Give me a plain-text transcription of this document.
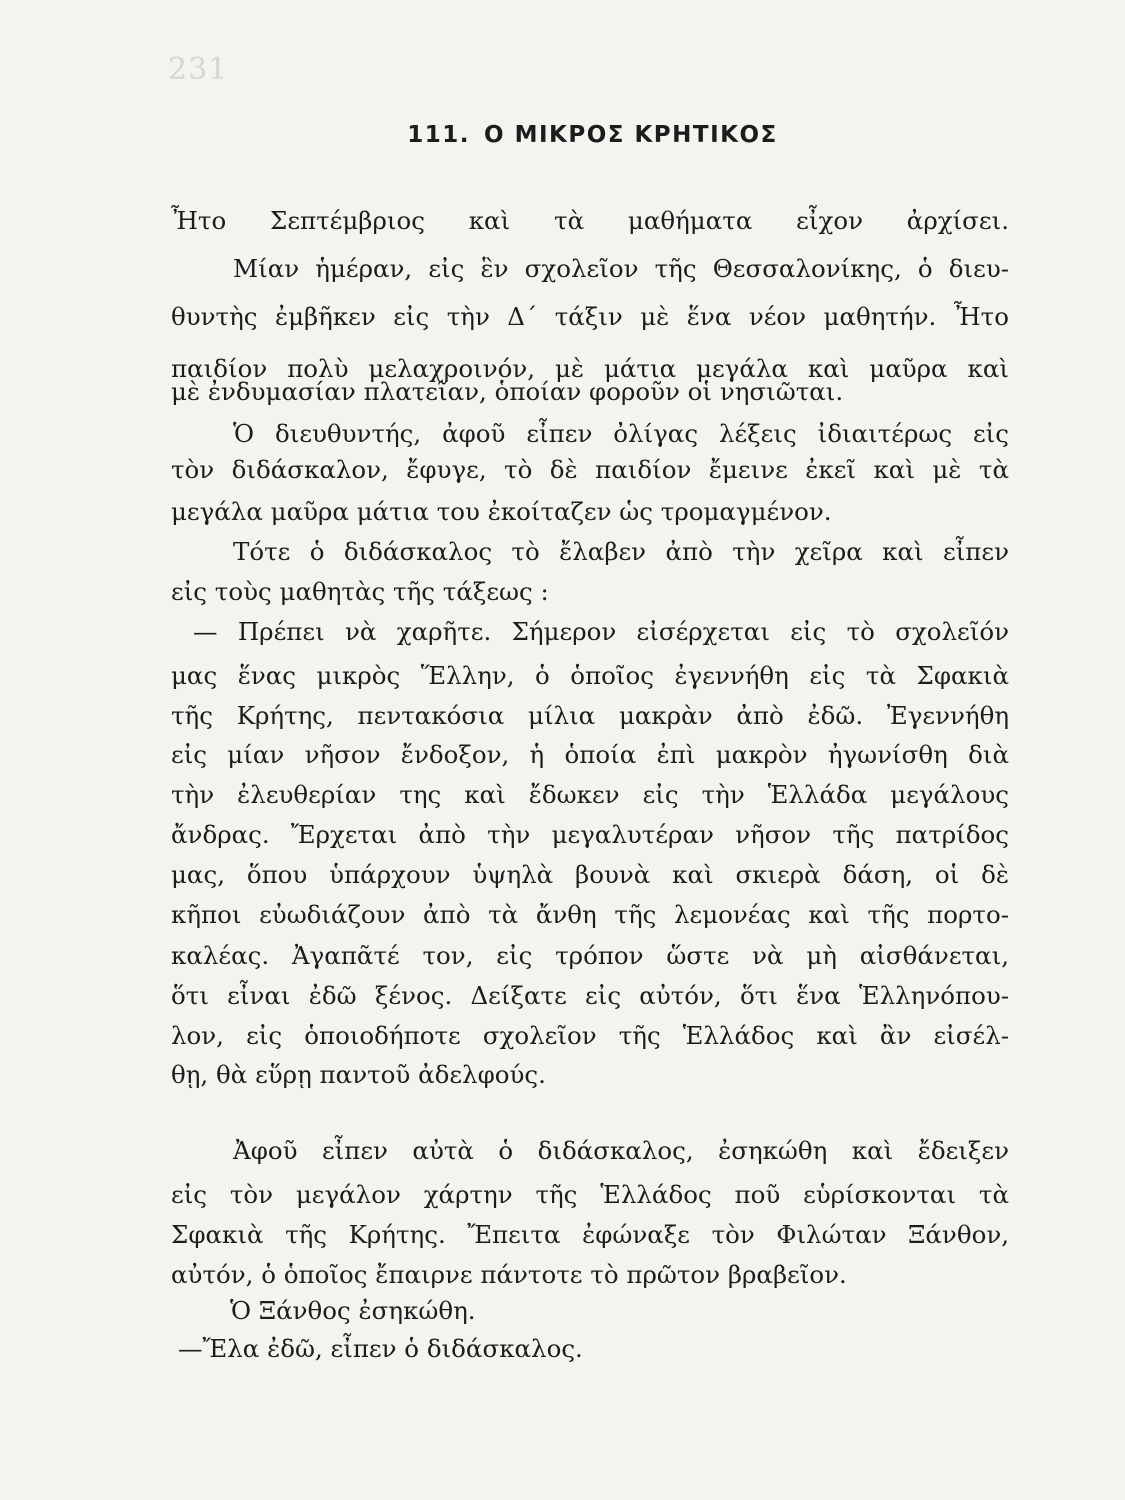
231
111. Ο ΜΙΚΡΟΣ ΚΡΗΤΙΚΟΣ
Ἦτο Σεπτέμβριος καὶ τὰ μαθήματα εἶχον ἀρχίσει.
Μίαν ἡμέραν, εἰς ἓν σχολεῖον τῆς Θεσσαλονίκης, ὁ διευ-
θυντὴς ἐμβῆκεν εἰς τὴν Δ΄ τάξιν μὲ ἕνα νέον μαθητήν. Ἦτο
παιδίον πολὺ μελαχροινόν, μὲ μάτια μεγάλα καὶ μαῦρα καὶ
μὲ ἐνδυμασίαν πλατεῖαν, ὁποίαν φοροῦν οἱ νησιῶται.
Ὁ διευθυντής, ἀφοῦ εἶπεν ὀλίγας λέξεις ἰδιαιτέρως εἰς
τὸν διδάσκαλον, ἔφυγε, τὸ δὲ παιδίον ἔμεινε ἐκεῖ καὶ μὲ τὰ
μεγάλα μαῦρα μάτια του ἐκοίταζεν ὡς τρομαγμένον.
Τότε ὁ διδάσκαλος τὸ ἔλαβεν ἀπὸ τὴν χεῖρα καὶ εἶπεν
εἰς τοὺς μαθητὰς τῆς τάξεως :
— Πρέπει νὰ χαρῆτε. Σήμερον εἰσέρχεται εἰς τὸ σχολεῖόν
μας ἕνας μικρὸς Ἕλλην, ὁ ὁποῖος ἐγεννήθη εἰς τὰ Σφακιὰ
τῆς Κρήτης, πεντακόσια μίλια μακρὰν ἀπὸ ἐδῶ. Ἐγεννήθη
εἰς μίαν νῆσον ἔνδοξον, ἡ ὁποία ἐπὶ μακρὸν ἠγωνίσθη διὰ
τὴν ἐλευθερίαν της καὶ ἔδωκεν εἰς τὴν Ἑλλάδα μεγάλους
ἄνδρας. Ἔρχεται ἀπὸ τὴν μεγαλυτέραν νῆσον τῆς πατρίδος
μας, ὅπου ὑπάρχουν ὑψηλὰ βουνὰ καὶ σκιερὰ δάση, οἱ δὲ
κῆποι εὐωδιάζουν ἀπὸ τὰ ἄνθη τῆς λεμονέας καὶ τῆς πορτο-
καλέας. Ἀγαπᾶτέ τον, εἰς τρόπον ὥστε νὰ μὴ αἰσθάνεται,
ὅτι εἶναι ἐδῶ ξένος. Δείξατε εἰς αὐτόν, ὅτι ἕνα Ἑλληνόπου-
λον, εἰς ὁποιοδήποτε σχολεῖον τῆς Ἑλλάδος καὶ ἂν εἰσέλ-
θῃ, θὰ εὕρῃ παντοῦ ἀδελφούς.
Ἀφοῦ εἶπεν αὐτὰ ὁ διδάσκαλος, ἐσηκώθη καὶ ἔδειξεν
εἰς τὸν μεγάλον χάρτην τῆς Ἑλλάδος ποῦ εὑρίσκονται τὰ
Σφακιὰ τῆς Κρήτης. Ἔπειτα ἐφώναξε τὸν Φιλώταν Ξάνθον,
αὐτόν, ὁ ὁποῖος ἔπαιρνε πάντοτε τὸ πρῶτον βραβεῖον.
Ὁ Ξάνθος ἐσηκώθη.
—Ἔλα ἐδῶ, εἶπεν ὁ διδάσκαλος.
